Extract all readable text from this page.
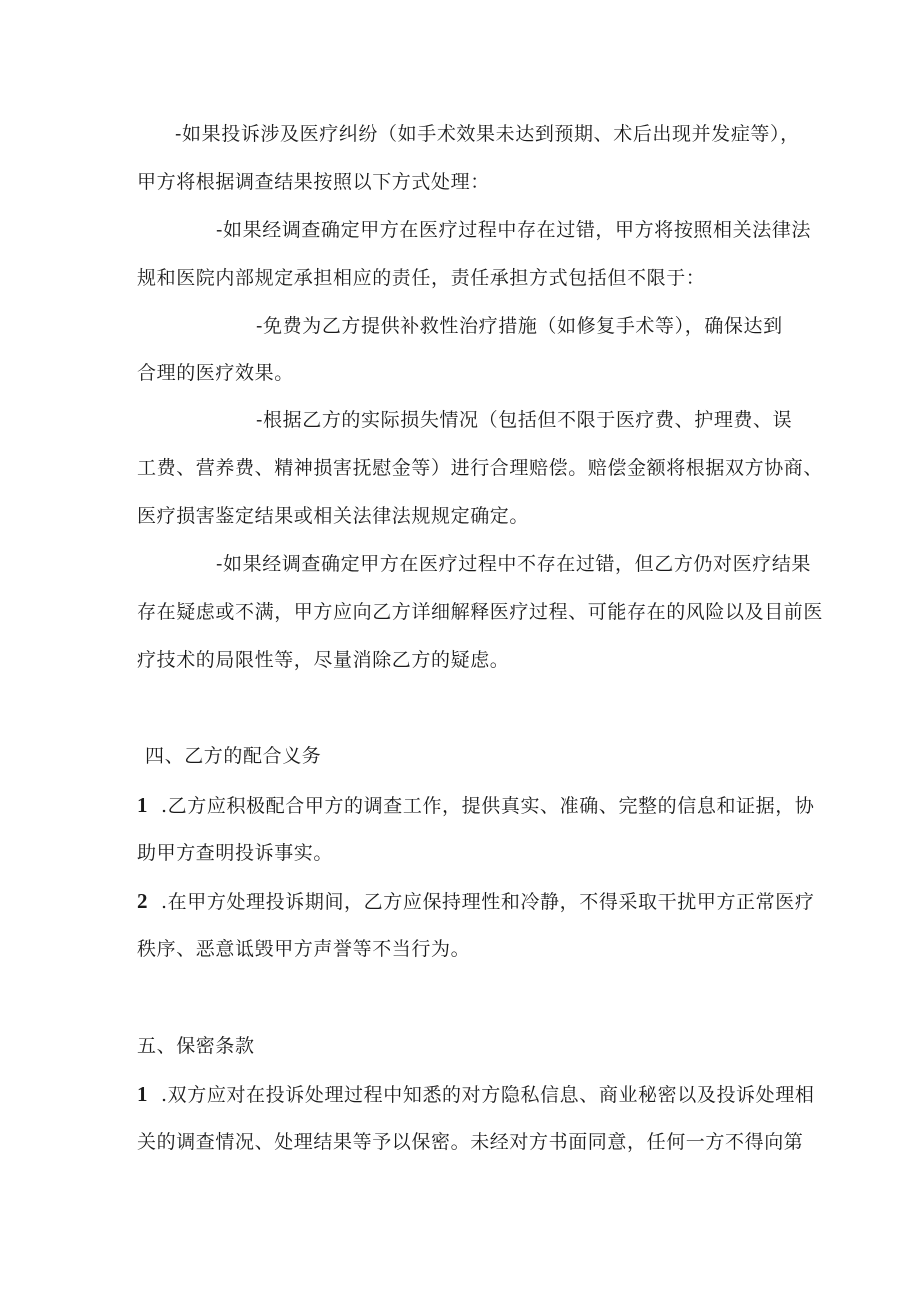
-如果投诉涉及医疗纠纷（如手术效果未达到预期、术后出现并发症等），
甲方将根据调查结果按照以下方式处理：
-如果经调查确定甲方在医疗过程中存在过错，甲方将按照相关法律法
规和医院内部规定承担相应的责任，责任承担方式包括但不限于：
-免费为乙方提供补救性治疗措施（如修复手术等），确保达到
合理的医疗效果。
-根据乙方的实际损失情况（包括但不限于医疗费、护理费、误
工费、营养费、精神损害抚慰金等）进行合理赔偿。赔偿金额将根据双方协商、
医疗损害鉴定结果或相关法律法规规定确定。
-如果经调查确定甲方在医疗过程中不存在过错，但乙方仍对医疗结果
存在疑虑或不满，甲方应向乙方详细解释医疗过程、可能存在的风险以及目前医
疗技术的局限性等，尽量消除乙方的疑虑。
四、乙方的配合义务
1 .乙方应积极配合甲方的调查工作，提供真实、准确、完整的信息和证据，协
助甲方查明投诉事实。
2 .在甲方处理投诉期间，乙方应保持理性和冷静，不得采取干扰甲方正常医疗
秩序、恶意诋毁甲方声誉等不当行为。
五、保密条款
1 .双方应对在投诉处理过程中知悉的对方隐私信息、商业秘密以及投诉处理相
关的调查情况、处理结果等予以保密。未经对方书面同意，任何一方不得向第
